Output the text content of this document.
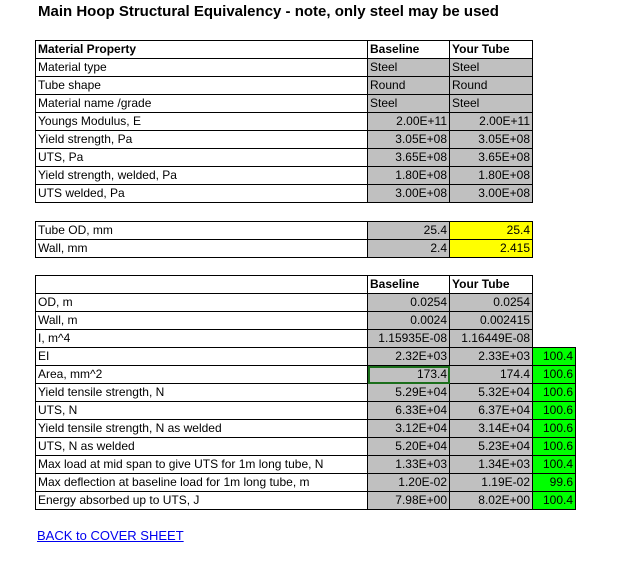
Main Hoop Structural Equivalency - note, only steel may be used
Material Property	Baseline	Your Tube
Material type	Steel	Steel
Tube shape	Round	Round
Material name /grade	Steel	Steel
Youngs Modulus, E	2.00E+11	2.00E+11
Yield strength, Pa	3.05E+08	3.05E+08
UTS, Pa	3.65E+08	3.65E+08
Yield strength, welded, Pa	1.80E+08	1.80E+08
UTS welded, Pa	3.00E+08	3.00E+08
Tube OD, mm	25.4	25.4
Wall, mm	2.4	2.415
	Baseline	Your Tube	
OD, m	0.0254	0.0254	
Wall, m	0.0024	0.002415	
I, m^4	1.15935E-08	1.16449E-08	
EI	2.32E+03	2.33E+03	100.4
Area, mm^2	173.4	174.4	100.6
Yield tensile strength, N	5.29E+04	5.32E+04	100.6
UTS, N	6.33E+04	6.37E+04	100.6
Yield tensile strength, N as welded	3.12E+04	3.14E+04	100.6
UTS, N as welded	5.20E+04	5.23E+04	100.6
Max load at mid span to give UTS for 1m long tube, N	1.33E+03	1.34E+03	100.4
Max deflection at baseline load for 1m long tube, m	1.20E-02	1.19E-02	99.6
Energy absorbed up to UTS, J	7.98E+00	8.02E+00	100.4
BACK to COVER SHEET
